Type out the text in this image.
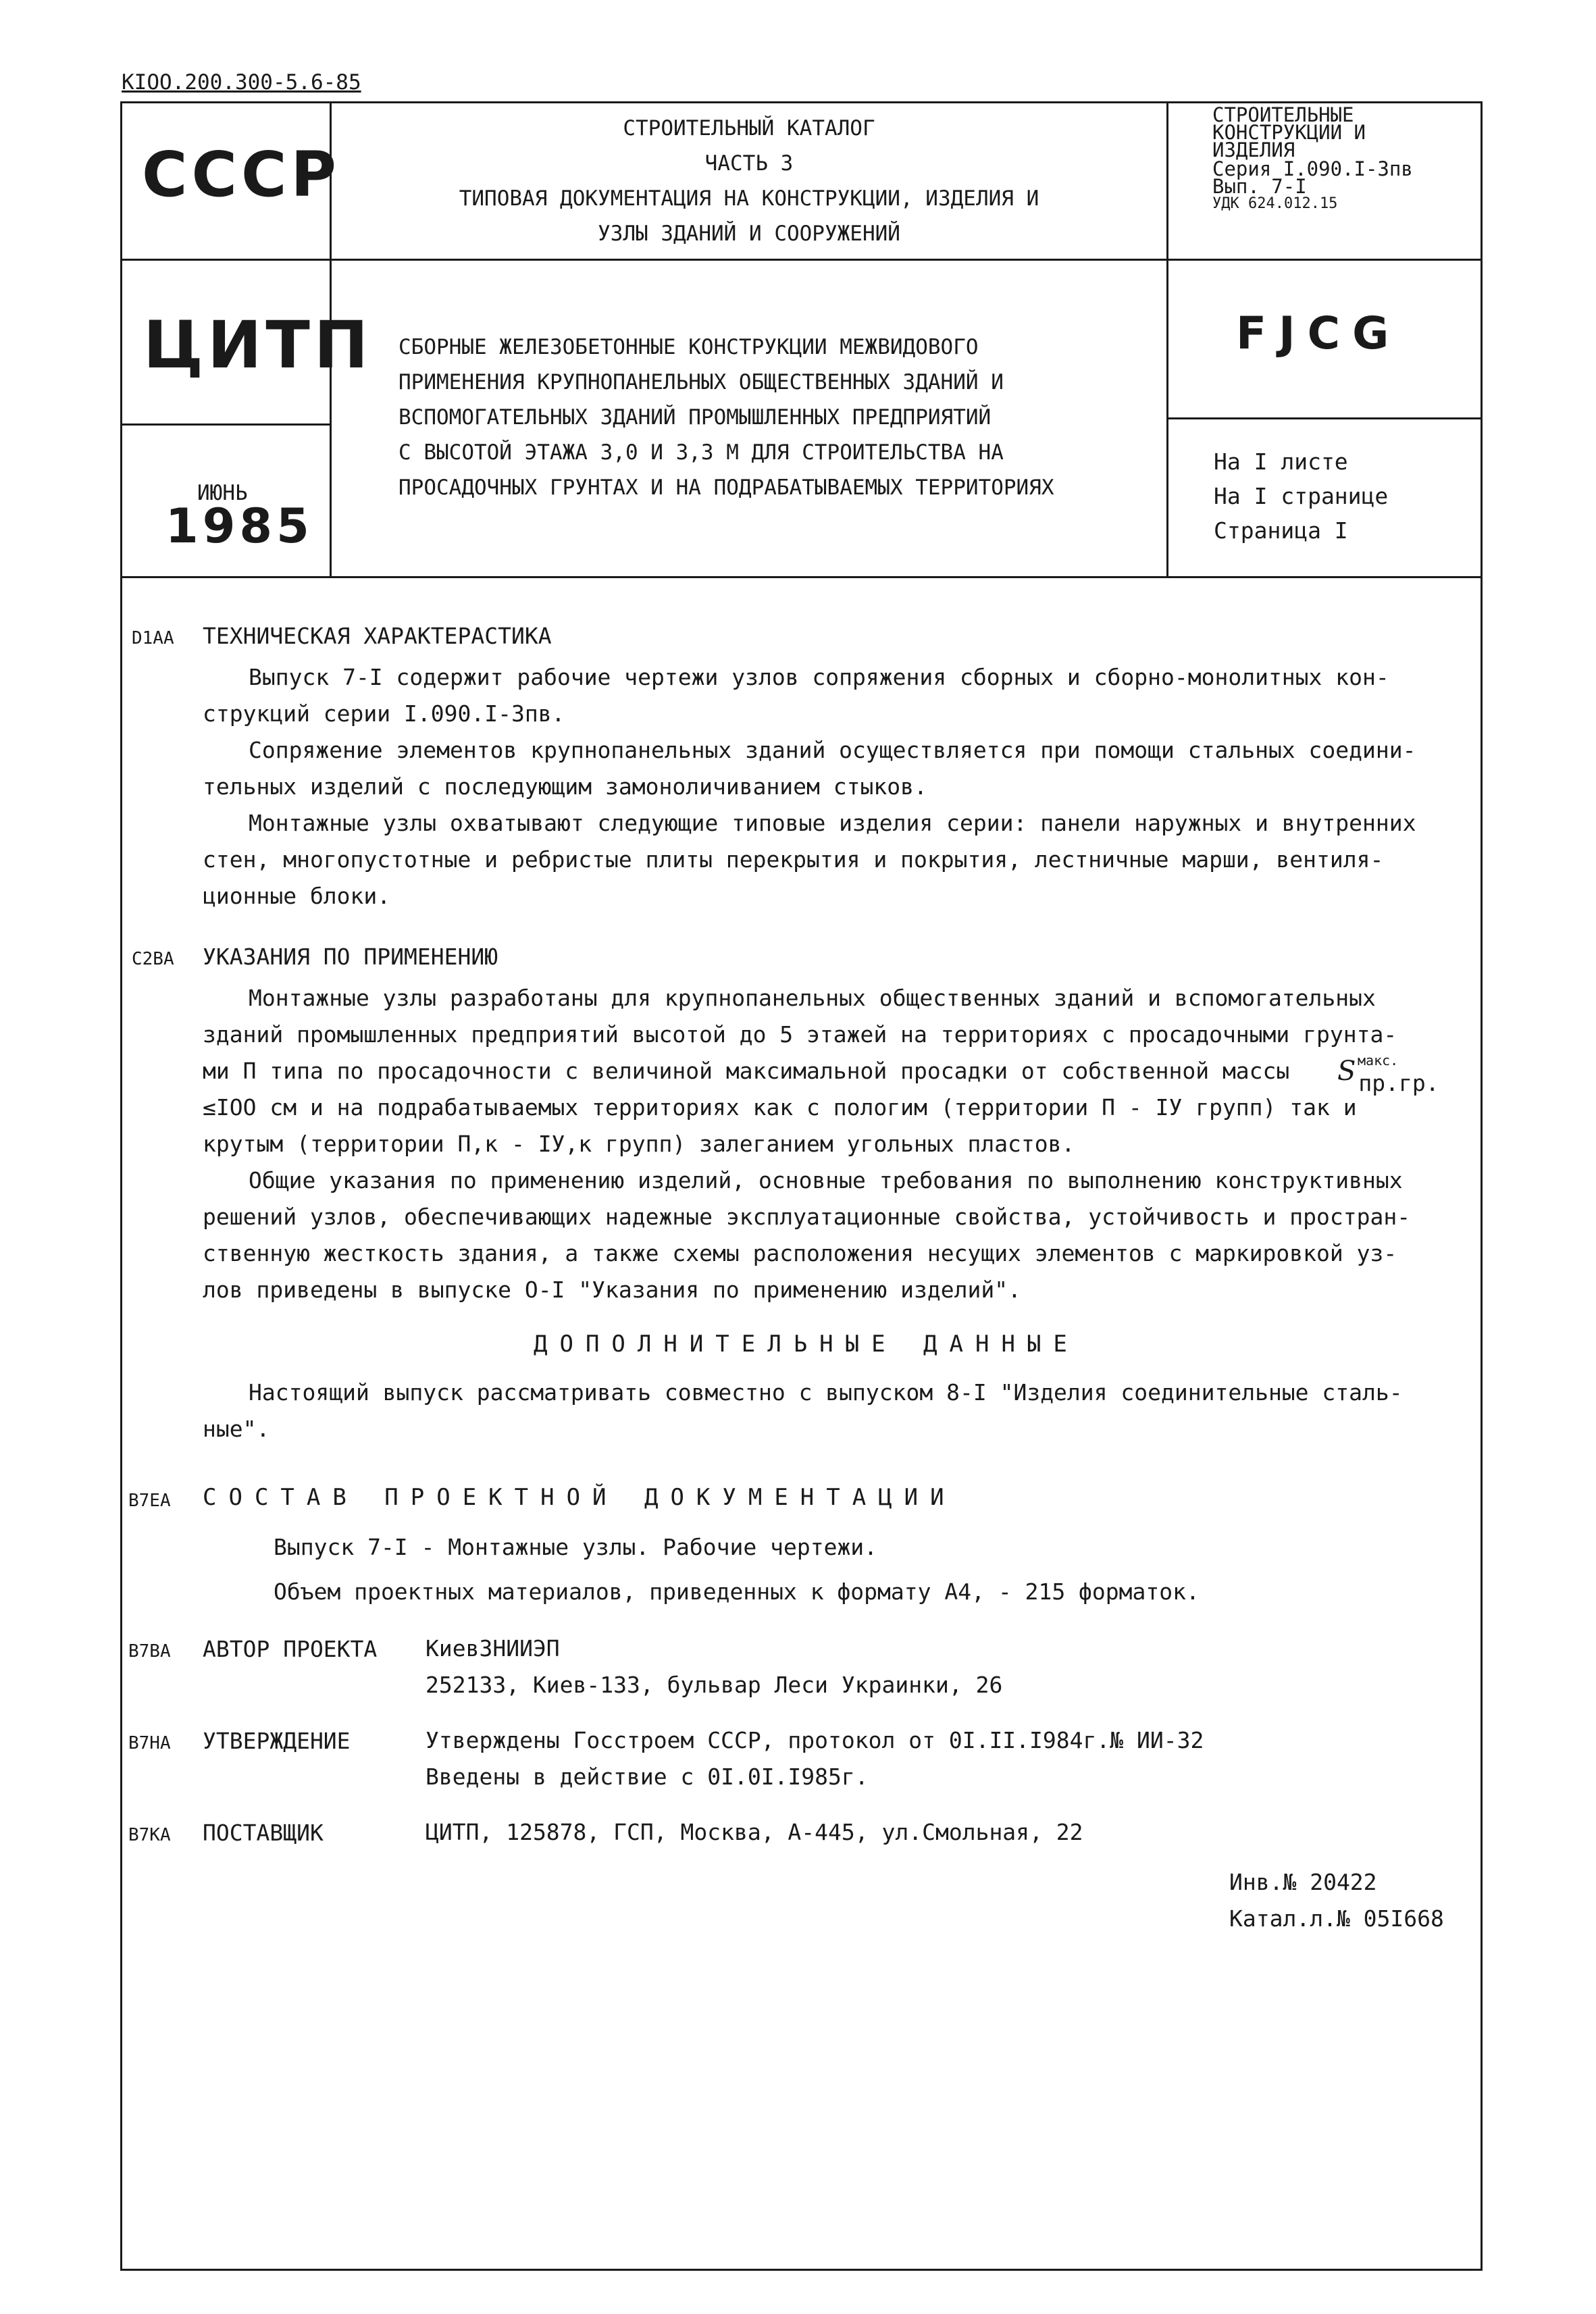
КIОО.200.300-5.6-85
СССР
СТРОИТЕЛЬНЫЙ КАТАЛОГ
ЧАСТЬ 3
ТИПОВАЯ ДОКУМЕНТАЦИЯ НА КОНСТРУКЦИИ, ИЗДЕЛИЯ И
УЗЛЫ ЗДАНИЙ И СООРУЖЕНИЙ
СТРОИТЕЛЬНЫЕ
КОНСТРУКЦИИ И
ИЗДЕЛИЯ
Серия I.090.I-3пв
Вып. 7-I
УДК 624.012.15
ЦИТП СБОРНЫЕ ЖЕЛЕЗОБЕТОННЫЕ КОНСТРУКЦИИ МЕЖВИДОВОГО
ПРИМЕНЕНИЯ КРУПНОПАНЕЛЬНЫХ ОБЩЕСТВЕННЫХ ЗДАНИЙ И
ВСПОМОГАТЕЛЬНЫХ ЗДАНИЙ ПРОМЫШЛЕННЫХ ПРЕДПРИЯТИЙ
С ВЫСОТОЙ ЭТАЖА 3,0 И 3,3 М ДЛЯ СТРОИТЕЛЬСТВА НА
ПРОСАДОЧНЫХ ГРУНТАХ И НА ПОДРАБАТЫВАЕМЫХ ТЕРРИТОРИЯХ
FJCG
ИЮНЬ
1985
На I листе
На I странице
Страница I
D1AA ТЕХНИЧЕСКАЯ ХАРАКТЕРАСТИКА
Выпуск 7-I содержит рабочие чертежи узлов сопряжения сборных и сборно-монолитных кон-
струкций серии I.090.I-3пв.
Сопряжение элементов крупнопанельных зданий осуществляется при помощи стальных соедини-
тельных изделий с последующим замоноличиванием стыков.
Монтажные узлы охватывают следующие типовые изделия серии: панели наружных и внутренних
стен, многопустотные и ребристые плиты перекрытия и покрытия, лестничные марши, вентиля-
ционные блоки.
C2BA УКАЗАНИЯ ПО ПРИМЕНЕНИЮ
Монтажные узлы разработаны для крупнопанельных общественных зданий и вспомогательных
зданий промышленных предприятий высотой до 5 этажей на территориях с просадочными грунта-
ми П типа по просадочности с величиной максимальной просадки от собственной массы S макс.
пр.гр.
≤IOO см и на подрабатываемых территориях как с пологим (территории П - IУ групп) так и
крутым (территории П,к - IУ,к групп) залеганием угольных пластов.
Общие указания по применению изделий, основные требования по выполнению конструктивных
решений узлов, обеспечивающих надежные эксплуатационные свойства, устойчивость и простран-
ственную жесткость здания, а также схемы расположения несущих элементов с маркировкой уз-
лов приведены в выпуске О-I "Указания по применению изделий".
ДОПОЛНИТЕЛЬНЫЕ ДАННЫЕ
Настоящий выпуск рассматривать совместно с выпуском 8-I "Изделия соединительные сталь-
ные".
B7EA СОСТАВ ПРОЕКТНОЙ ДОКУМЕНТАЦИИ
Выпуск 7-I - Монтажные узлы. Рабочие чертежи.
Объем проектных материалов, приведенных к формату А4, - 215 форматок.
B7BA АВТОР ПРОЕКТА КиевЗНИИЭП
252133, Киев-133, бульвар Леси Украинки, 26
B7HA УТВЕРЖДЕНИЕ	Утверждены Госстроем СССР, протокол от 0I.II.I984г.№ ИИ-32
Введены в действие с 0I.0I.I985г.
B7KA ПОСТАВЩИК	ЦИТП, 125878, ГСП, Москва, А-445, ул.Смольная, 22
Инв.№ 20422
Катал.л.№ 05I668
